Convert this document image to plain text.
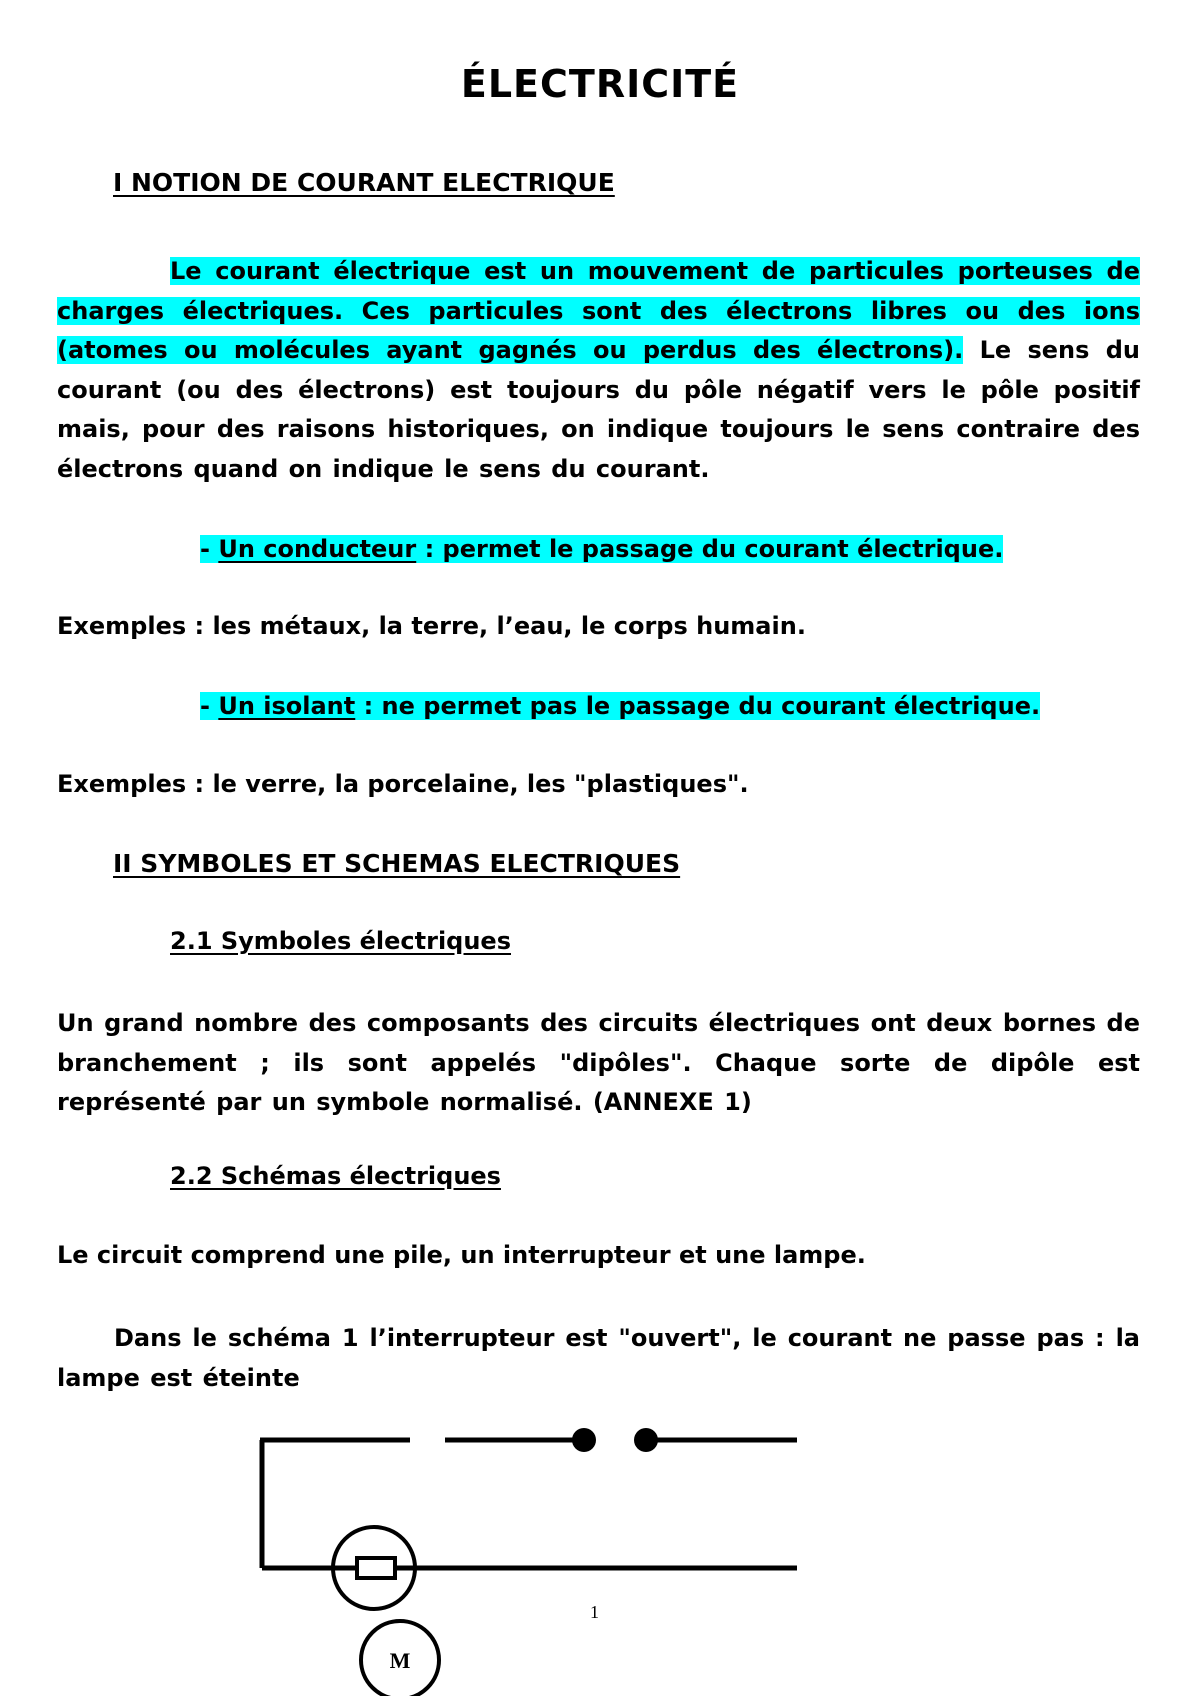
ÉLECTRICITÉ
I NOTION DE COURANT ELECTRIQUE
Le courant électrique est un mouvement de particules porteuses de charges électriques. Ces particules sont des électrons libres ou des ions (atomes ou molécules ayant gagnés ou perdus des électrons). Le sens du courant (ou des électrons) est toujours du pôle négatif vers le pôle positif mais, pour des raisons historiques, on indique toujours le sens contraire des électrons quand on indique le sens du courant.
- Un conducteur : permet le passage du courant électrique.
Exemples : les métaux, la terre, l’eau, le corps humain.
- Un isolant : ne permet pas le passage du courant électrique.
Exemples : le verre, la porcelaine, les "plastiques".
II SYMBOLES ET SCHEMAS ELECTRIQUES
2.1 Symboles électriques
Un grand nombre des composants des circuits électriques ont deux bornes de branchement ; ils sont appelés "dipôles". Chaque sorte de dipôle est représenté par un symbole normalisé. (ANNEXE 1)
2.2 Schémas électriques
Le circuit comprend une pile, un interrupteur et une lampe.
Dans le schéma 1 l’interrupteur est "ouvert", le courant ne passe pas : la lampe est éteinte
M
1
